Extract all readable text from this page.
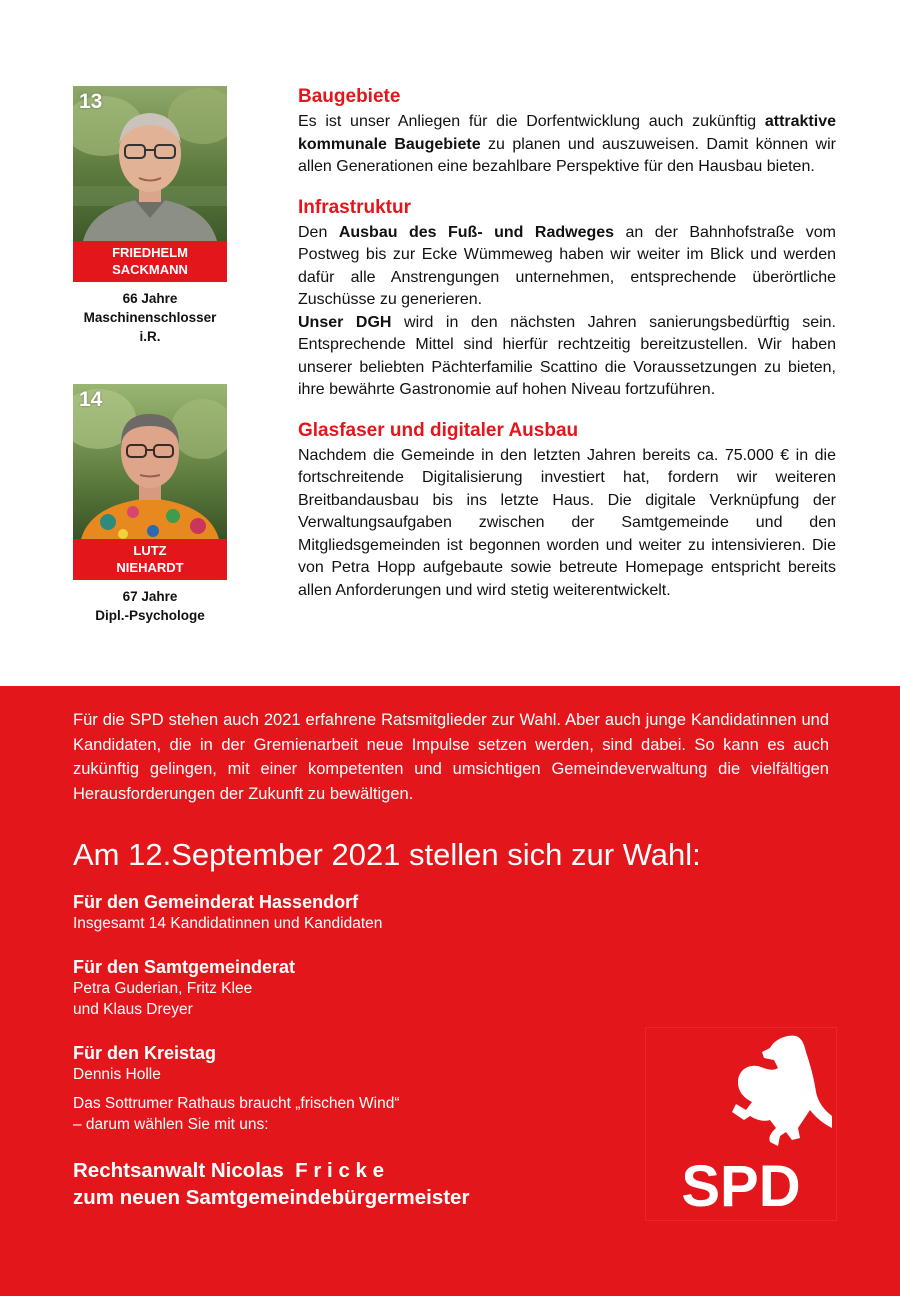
13
FRIEDHELM
SACKMANN
66 Jahre
Maschinenschlosser
i.R.
14
LUTZ
NIEHARDT
67 Jahre
Dipl.-Psychologe
Baugebiete

Es ist unser Anliegen für die Dorfentwicklung auch zukünftig attraktive kommunale Baugebiete zu planen und auszuweisen. Damit können wir allen Generationen eine bezahlbare Perspektive für den Hausbau bieten.

Infrastruktur

Den Ausbau des Fuß- und Radweges an der Bahnhofstraße vom Postweg bis zur Ecke Wümmeweg haben wir weiter im Blick und werden dafür alle Anstrengungen unternehmen, entsprechende überörtliche Zuschüsse zu generieren.

Unser DGH wird in den nächsten Jahren sanierungsbedürftig sein. Entsprechende Mittel sind hierfür rechtzeitig bereitzustellen. Wir haben unserer beliebten Pächterfamilie Scattino die Voraussetzungen zu bieten, ihre bewährte Gastronomie auf hohen Niveau fortzuführen.

Glasfaser und digitaler Ausbau

Nachdem die Gemeinde in den letzten Jahren bereits ca. 75.000 € in die fortschreitende Digitalisierung investiert hat, fordern wir weiteren Breitbandausbau bis ins letzte Haus. Die digitale Verknüpfung der Verwaltungsaufgaben zwischen der Samtgemeinde und den Mitgliedsgemeinden ist begonnen worden und weiter zu intensivieren. Die von Petra Hopp aufgebaute sowie betreute Homepage entspricht bereits allen Anforderungen und wird stetig weiterentwickelt.

Für die SPD stehen auch 2021 erfahrene Ratsmitglieder zur Wahl. Aber auch junge Kandidatinnen und Kandidaten, die in der Gremienarbeit neue Impulse setzen werden, sind dabei. So kann es auch zukünftig gelingen, mit einer kompetenten und umsichtigen Gemeindeverwaltung die vielfältigen Herausforderungen der Zukunft zu bewältigen.
Am 12.September 2021 stellen sich zur Wahl:
Für den Gemeinderat Hassendorf
Insgesamt 14 Kandidatinnen und Kandidaten
Für den Samtgemeinderat
Petra Guderian, Fritz Klee
und Klaus Dreyer
Für den Kreistag
Dennis Holle
Das Sottrumer Rathaus braucht „frischen Wind“
– darum wählen Sie mit uns:
Rechtsanwalt Nicolas  F r i c k e
zum neuen Samtgemeindebürgermeister	SPD
